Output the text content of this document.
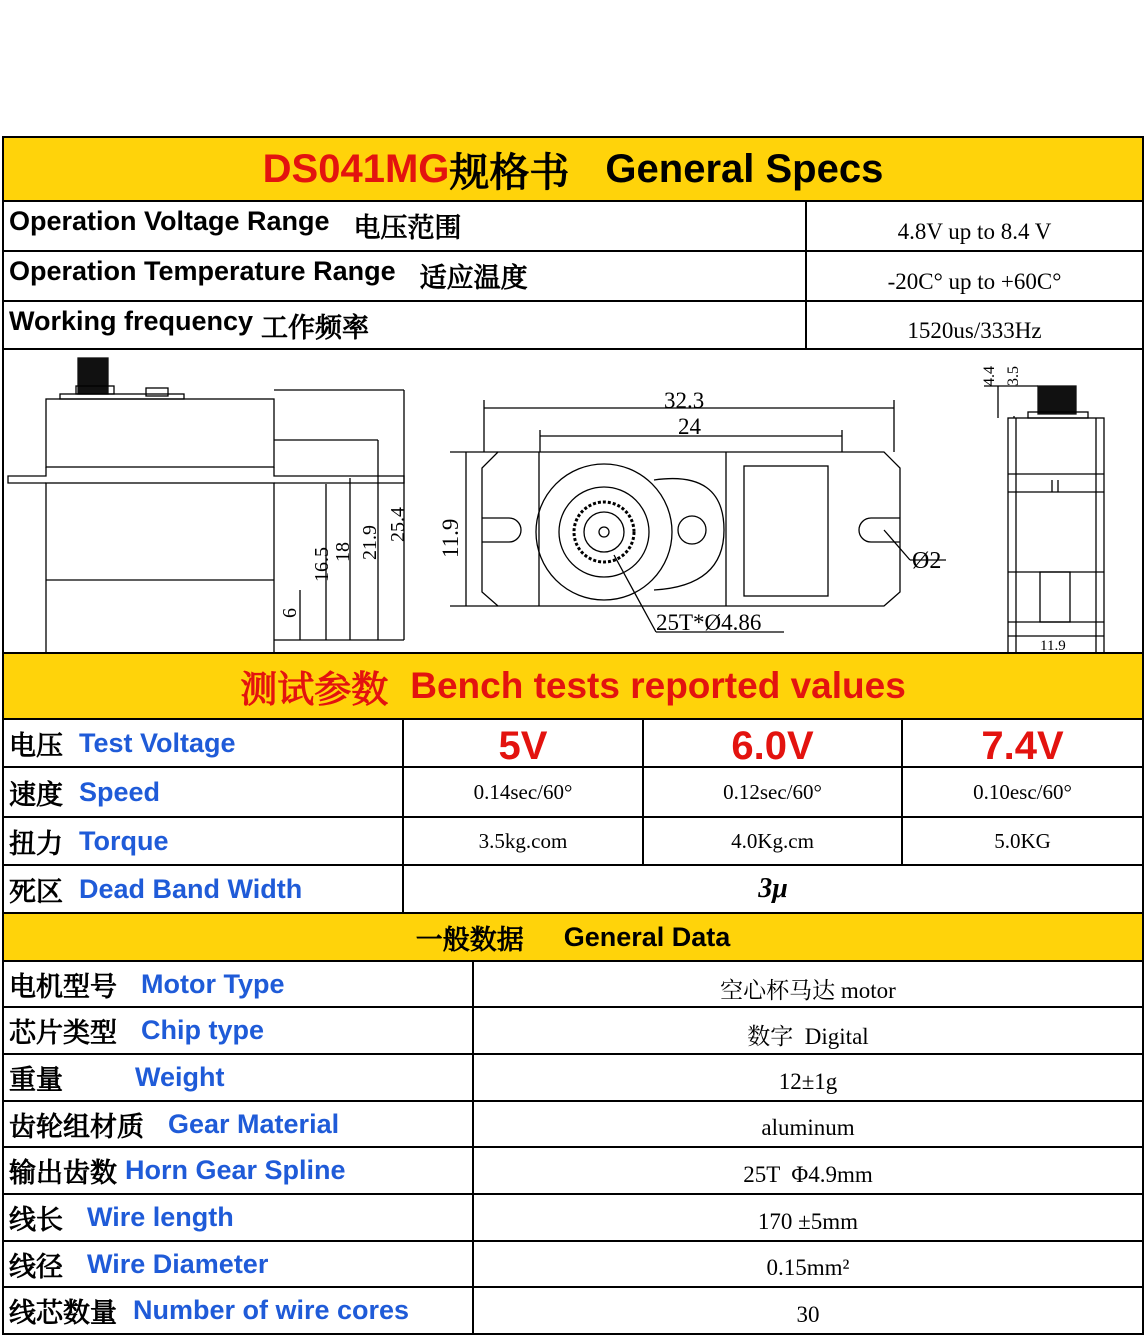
DS041MG 规格书 General Specs
Operation Voltage Range 电压范围	4.8V up to 8.4 V
Operation Temperature Range 适应温度	-20C° up to +60C°
Working frequency 工作频率	1520us/333Hz
6
16.5 18 21.9
25.4
32.3
24
11.9
Ø2
25T*Ø4.86
4.4 3.5
11.9
测试参数 Bench tests reported values
电压 Test Voltage	5V	6.0V	7.4V
速度 Speed	0.14sec/60°	0.12sec/60°	0.10esc/60°
扭力 Torque	3.5kg.com	4.0Kg.cm	5.0KG
死区 Dead Band Width	3μ
一般数据 General Data
电机型号 Motor Type	空心杯马达 motor
芯片类型 Chip type	数字  Digital
重量	Weight	12±1g
齿轮组材质 Gear Material	aluminum
输出齿数 Horn Gear Spline	25T  Φ4.9mm
线长 Wire length	170 ±5mm
线径 Wire Diameter	0.15mm²
线芯数量 Number of wire cores	30
